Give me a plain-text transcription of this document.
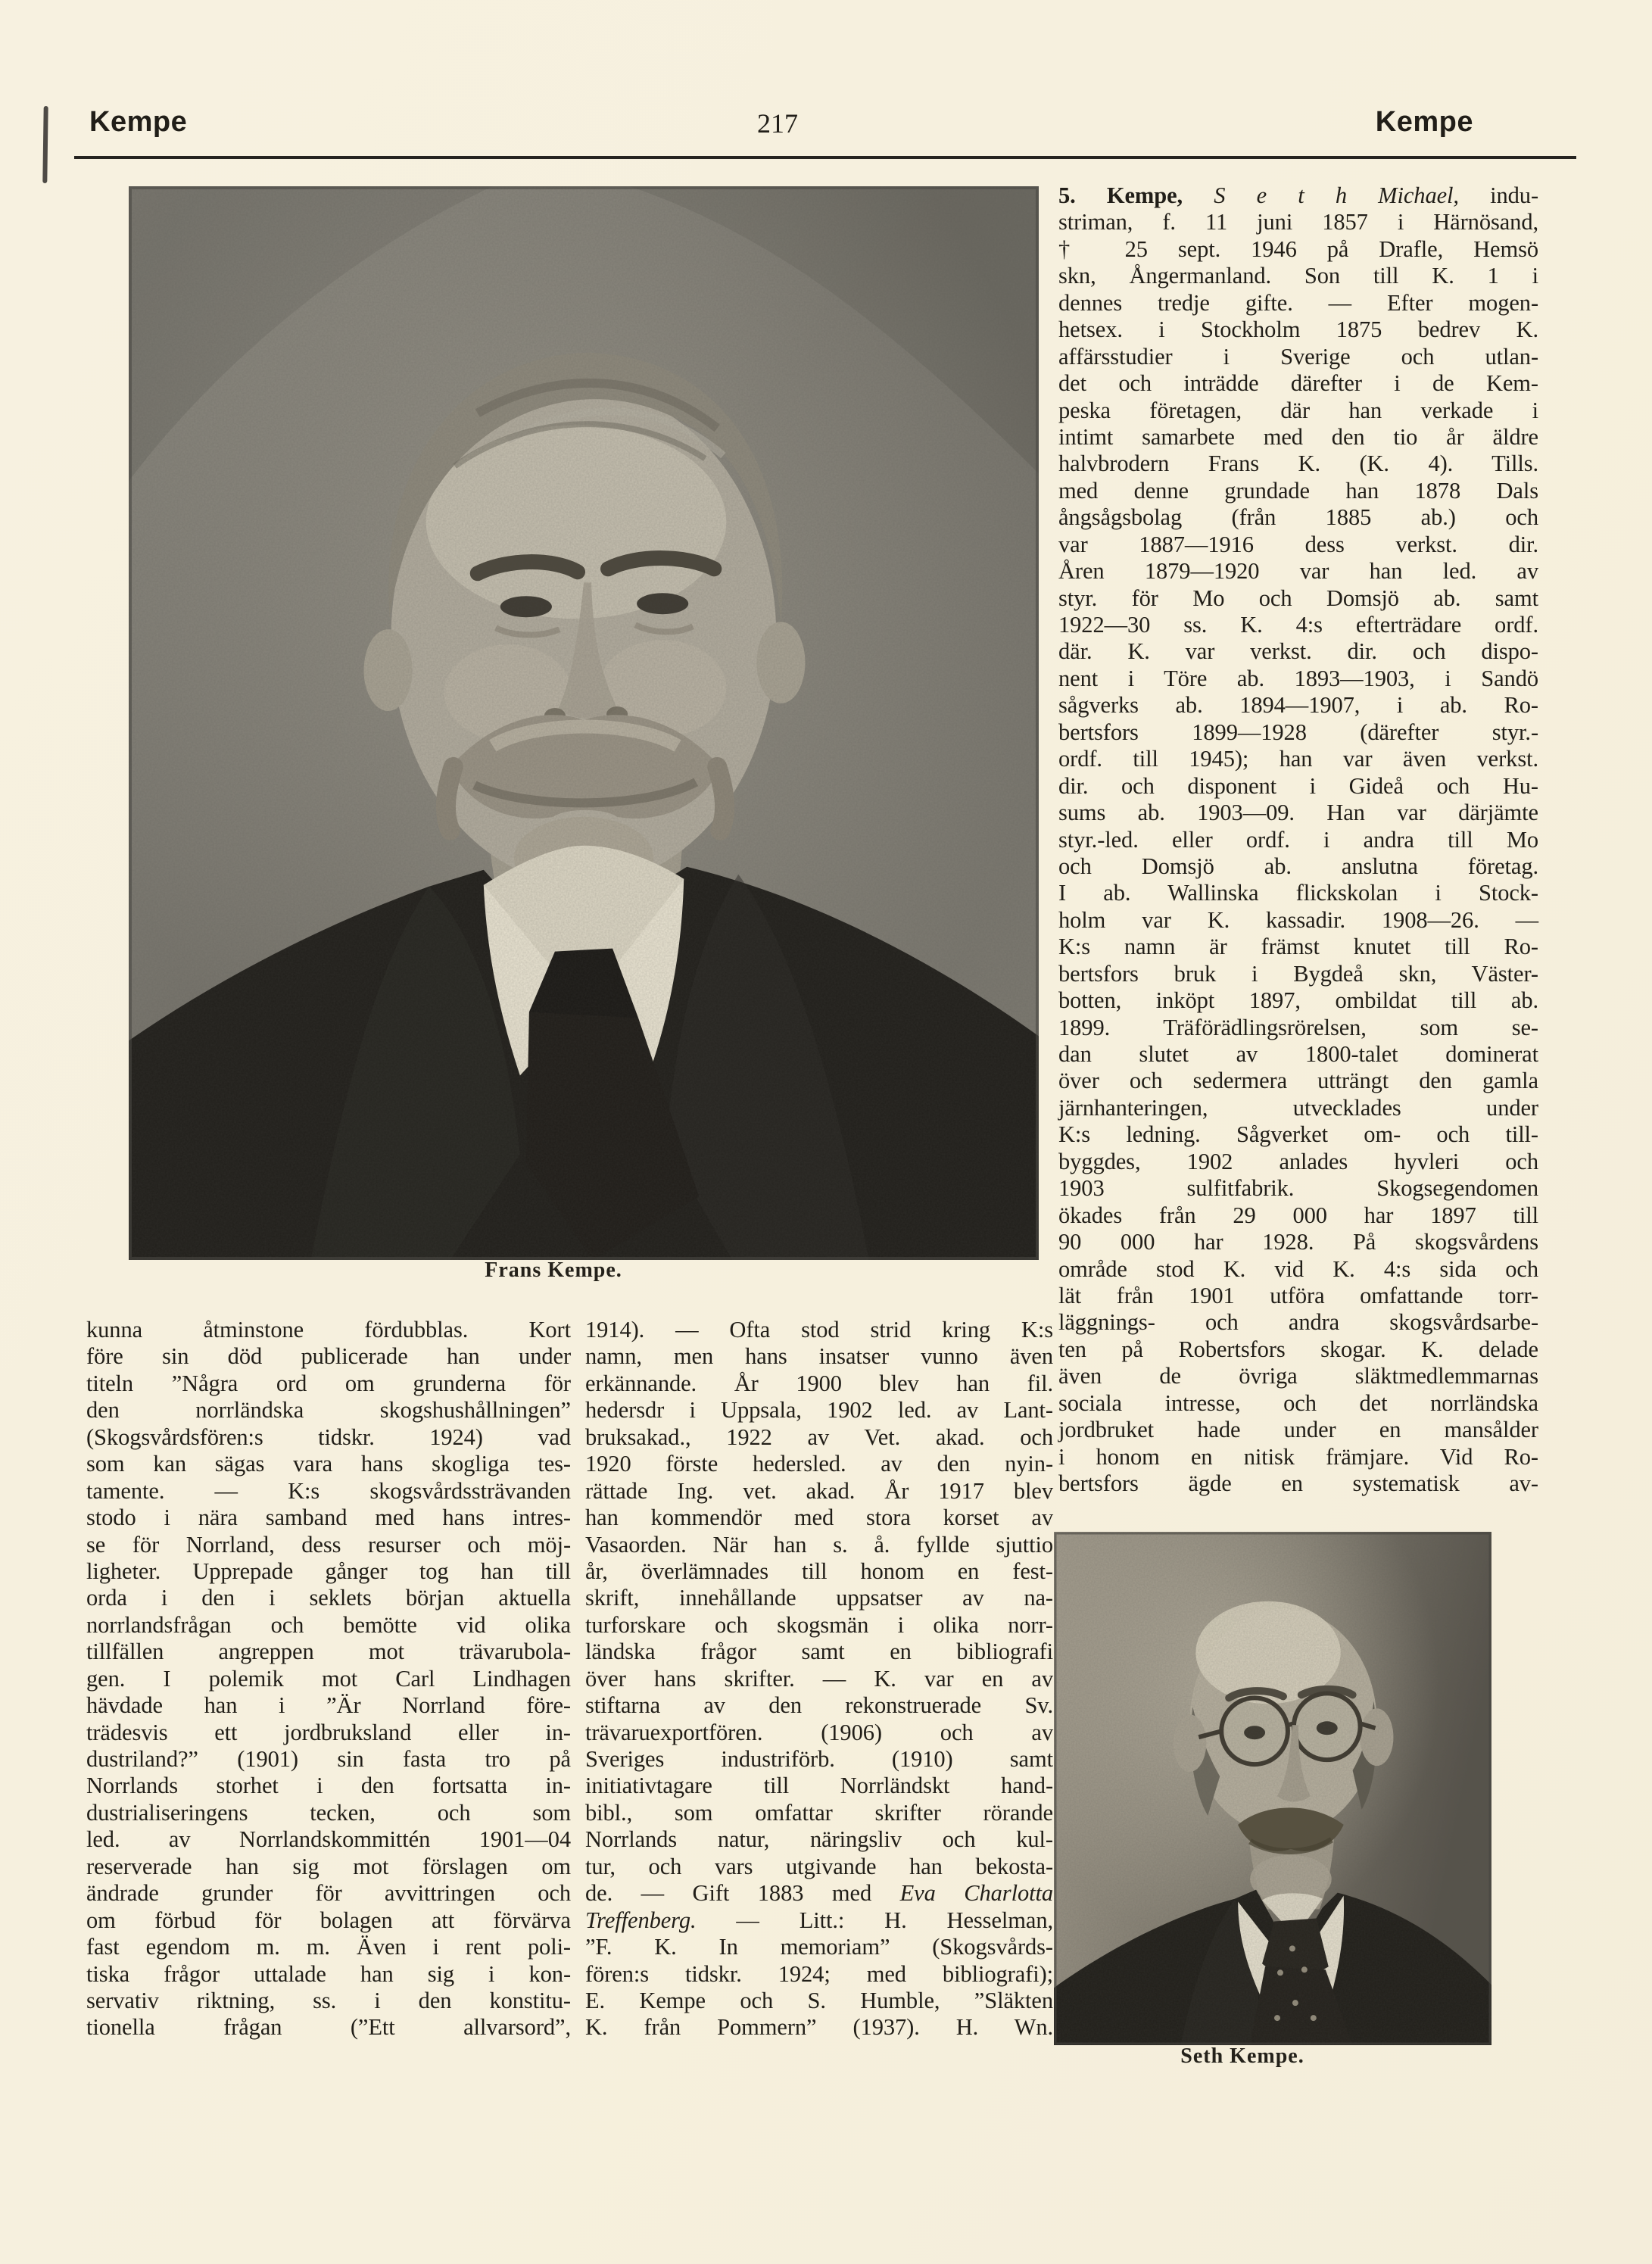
Kempe	217	Kempe
Frans Kempe.
kunna åtminstone fördubblas. Kort
före sin död publicerade han under
titeln ”Några ord om grunderna för
den norrländska skogshushållningen”
(Skogsvårdsfören:s tidskr. 1924) vad
som kan sägas vara hans skogliga tes-
tamente. — K:s skogsvårdssträvanden
stodo i nära samband med hans intres-
se för Norrland, dess resurser och möj-
ligheter. Upprepade gånger tog han till
orda i den i seklets början aktuella
norrlandsfrågan och bemötte vid olika
tillfällen angreppen mot trävarubola-
gen. I polemik mot Carl Lindhagen
hävdade han i ”Är Norrland före-
trädesvis ett jordbruksland eller in-
dustriland?” (1901) sin fasta tro på
Norrlands storhet i den fortsatta in-
dustrialiseringens tecken, och som
led. av Norrlandskommittén 1901—04
reserverade han sig mot förslagen om
ändrade grunder för avvittringen och
om förbud för bolagen att förvärva
fast egendom m. m. Även i rent poli-
tiska frågor uttalade han sig i kon-
servativ riktning, ss. i den konstitu-
tionella frågan (”Ett allvarsord”,
1914). — Ofta stod strid kring K:s
namn, men hans insatser vunno även
erkännande. År 1900 blev han fil.
hedersdr i Uppsala, 1902 led. av Lant-
bruksakad., 1922 av Vet. akad. och
1920 förste hedersled. av den nyin-
rättade Ing. vet. akad. År 1917 blev
han kommendör med stora korset av
Vasaorden. När han s. å. fyllde sjuttio
år, överlämnades till honom en fest-
skrift, innehållande uppsatser av na-
turforskare och skogsmän i olika norr-
ländska frågor samt en bibliografi
över hans skrifter. — K. var en av
stiftarna av den rekonstruerade Sv.
trävaruexportfören. (1906) och av
Sveriges industriförb. (1910) samt
initiativtagare till Norrländskt hand-
bibl., som omfattar skrifter rörande
Norrlands natur, näringsliv och kul-
tur, och vars utgivande han bekosta-
de. — Gift 1883 med Eva Charlotta
Treffenberg. — Litt.: H. Hesselman,
”F. K. In memoriam” (Skogsvårds-
fören:s tidskr. 1924; med bibliografi);
E. Kempe och S. Humble, ”Släkten
K. från Pommern” (1937). H. Wn.
5. Kempe, S e t h Michael, indu-
striman, f. 11 juni 1857 i Härnösand,
† 25 sept. 1946 på Drafle, Hemsö
skn, Ångermanland. Son till K. 1 i
dennes tredje gifte. — Efter mogen-
hetsex. i Stockholm 1875 bedrev K.
affärsstudier i Sverige och utlan-
det och inträdde därefter i de Kem-
peska företagen, där han verkade i
intimt samarbete med den tio år äldre
halvbrodern Frans K. (K. 4). Tills.
med denne grundade han 1878 Dals
ångsågsbolag (från 1885 ab.) och
var 1887—1916 dess verkst. dir.
Åren 1879—1920 var han led. av
styr. för Mo och Domsjö ab. samt
1922—30 ss. K. 4:s efterträdare ordf.
där. K. var verkst. dir. och dispo-
nent i Töre ab. 1893—1903, i Sandö
sågverks ab. 1894—1907, i ab. Ro-
bertsfors 1899—1928 (därefter styr.-
ordf. till 1945); han var även verkst.
dir. och disponent i Gideå och Hu-
sums ab. 1903—09. Han var därjämte
styr.-led. eller ordf. i andra till Mo
och Domsjö ab. anslutna företag.
I ab. Wallinska flickskolan i Stock-
holm var K. kassadir. 1908—26. —
K:s namn är främst knutet till Ro-
bertsfors bruk i Bygdeå skn, Väster-
botten, inköpt 1897, ombildat till ab.
1899. Träförädlingsrörelsen, som se-
dan slutet av 1800-talet dominerat
över och sedermera utträngt den gamla
järnhanteringen, utvecklades under
K:s ledning. Sågverket om- och till-
byggdes, 1902 anlades hyvleri och
1903 sulfitfabrik. Skogsegendomen
ökades från 29 000 har 1897 till
90 000 har 1928. På skogsvårdens
område stod K. vid K. 4:s sida och
lät från 1901 utföra omfattande torr-
läggnings- och andra skogsvårdsarbe-
ten på Robertsfors skogar. K. delade
även de övriga släktmedlemmarnas
sociala intresse, och det norrländska
jordbruket hade under en mansålder
i honom en nitisk främjare. Vid Ro-
bertsfors ägde en systematisk av-
Seth Kempe.
